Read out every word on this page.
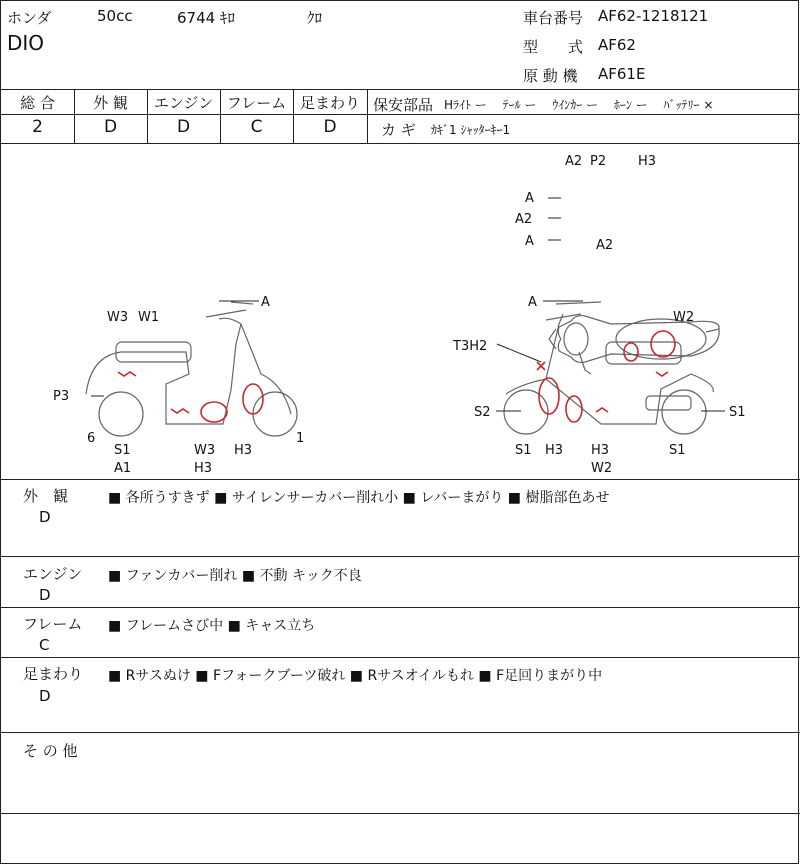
ホンダ	50cc	6744 ｷﾛ	ｸﾛ
DIO
車台番号 AF62-1218121
型　　式 AF62
原 動 機 AF61E
総 合	外 観	エンジン フレーム 足まわり
2	D	D	C	D
保安部品 Hﾗｲﾄ ー　 ﾃｰﾙ ー　 ｳｲﾝｶｰ ー　 ﾎｰﾝ ー　 ﾊﾞｯﾃﾘｰ ×
カ ギ ｶｷﾞ1 ｼｬｯﾀｰｷｰ1
A2 P2 H3
A
A2
A	A2
A
W3 W1
P3
6
S1
A1
W3
H3
H3
1
A
W2
T3H2
S2	S1
S1 H3 H3
W2
S1
外　観
D
■ 各所うすきず ■ サイレンサーカバー削れ小 ■ レバーまがり ■ 樹脂部色あせ
エンジン
D
■ ファンカバー削れ ■ 不動 キック不良
フレーム
C
■ フレームさび中 ■ キャス立ち
足まわり
D
■ Rサスぬけ ■ Fフォークブーツ破れ ■ Rサスオイルもれ ■ F足回りまがり中
そ の 他
